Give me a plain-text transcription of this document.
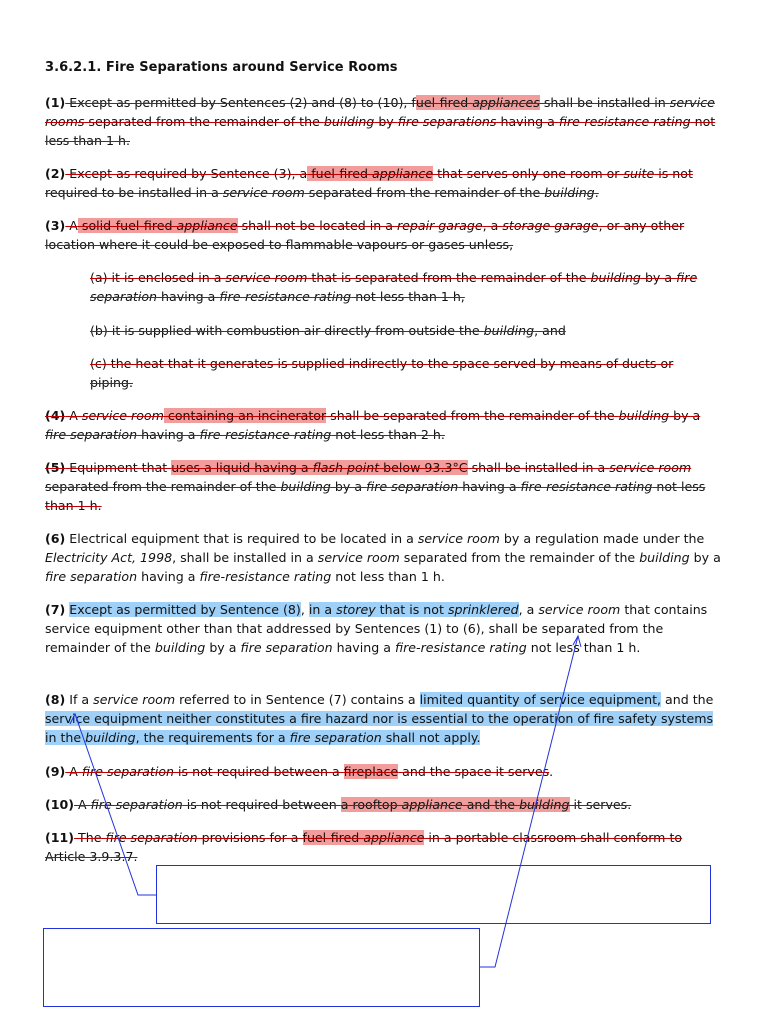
3.6.2.1. Fire Separations around Service Rooms
(1) Except as permitted by Sentences (2) and (8) to (10), fuel-fired appliances shall be installed in service rooms separated from the remainder of the building by fire separations having a fire-resistance rating not less than 1 h.
(2) Except as required by Sentence (3), a fuel-fired appliance that serves only one room or suite is not required to be installed in a service room separated from the remainder of the building.
(3) A solid-fuel-fired appliance shall not be located in a repair garage, a storage garage, or any other location where it could be exposed to flammable vapours or gases unless,
(a) it is enclosed in a service room that is separated from the remainder of the building by a fire separation having a fire-resistance rating not less than 1 h,
(b) it is supplied with combustion air directly from outside the building, and
(c) the heat that it generates is supplied indirectly to the space served by means of ducts or piping.
(4) A service room containing an incinerator shall be separated from the remainder of the building by a fire separation having a fire-resistance rating not less than 2 h.
(5) Equipment that uses a liquid having a flash point below 93.3°C shall be installed in a service room separated from the remainder of the building by a fire separation having a fire-resistance rating not less than 1 h.
(6) Electrical equipment that is required to be located in a service room by a regulation made under the Electricity Act, 1998, shall be installed in a service room separated from the remainder of the building by a fire separation having a fire-resistance rating not less than 1 h.
(7) Except as permitted by Sentence (8), in a storey that is not sprinklered, a service room that contains service equipment other than that addressed by Sentences (1) to (6), shall be separated from the remainder of the building by a fire separation having a fire-resistance rating not less than 1 h.
(8) If a service room referred to in Sentence (7) contains a limited quantity of service equipment, and the service equipment neither constitutes a fire hazard nor is essential to the operation of fire safety systems in the building, the requirements for a fire separation shall not apply.
(9) A fire separation is not required between a fireplace and the space it serves.
(10) A fire separation is not required between a rooftop appliance and the building it serves.
(11) The fire separation provisions for a fuel-fired appliance in a portable classroom shall conform to Article 3.9.3.7.
